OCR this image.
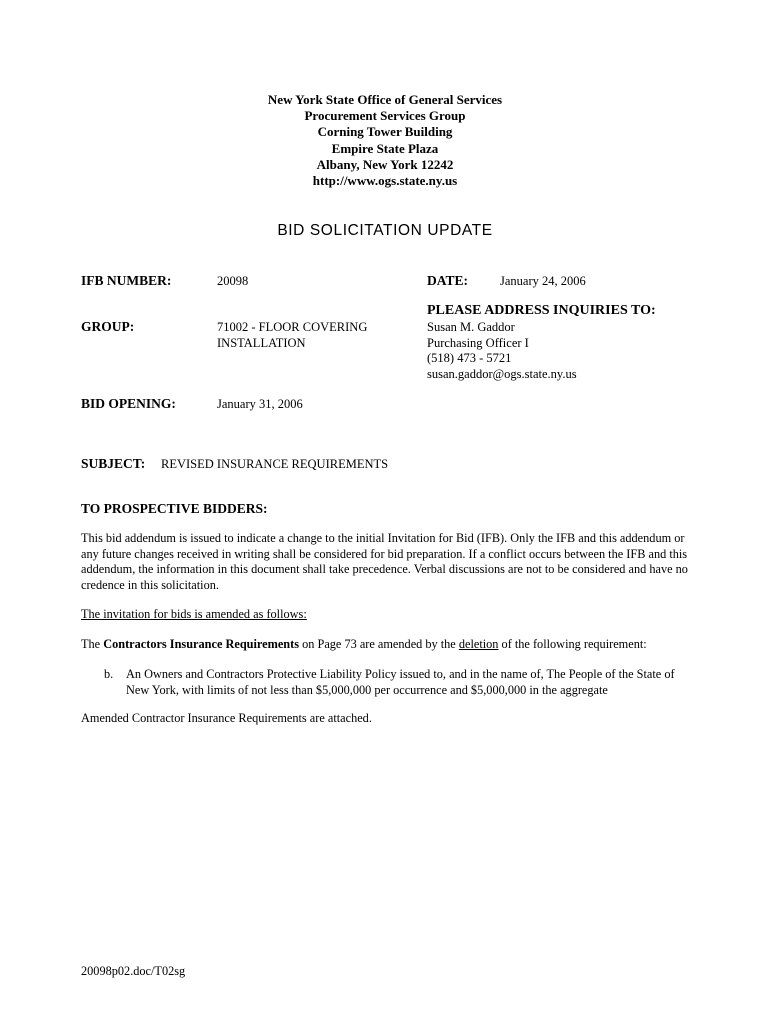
New York State Office of General Services
Procurement Services Group
Corning Tower Building
Empire State Plaza
Albany, New York 12242
http://www.ogs.state.ny.us
BID SOLICITATION UPDATE
IFB NUMBER:	20098	DATE:	January 24, 2006
PLEASE ADDRESS INQUIRIES TO:
Susan M. Gaddor
Purchasing Officer I
(518) 473 - 5721
susan.gaddor@ogs.state.ny.us
GROUP:	71002 - FLOOR COVERING
INSTALLATION
BID OPENING:	January 31, 2006
SUBJECT: REVISED INSURANCE REQUIREMENTS
TO PROSPECTIVE BIDDERS:
This bid addendum is issued to indicate a change to the initial Invitation for Bid (IFB). Only the IFB and this addendum or any future changes received in writing shall be considered for bid preparation. If a conflict occurs between the IFB and this addendum, the information in this document shall take precedence. Verbal discussions are not to be considered and have no credence in this solicitation.
The invitation for bids is amended as follows:
The Contractors Insurance Requirements on Page 73 are amended by the deletion of the following requirement:
b. An Owners and Contractors Protective Liability Policy issued to, and in the name of, The People of the State of New York, with limits of not less than $5,000,000 per occurrence and $5,000,000 in the aggregate
Amended Contractor Insurance Requirements are attached.
20098p02.doc/T02sg
